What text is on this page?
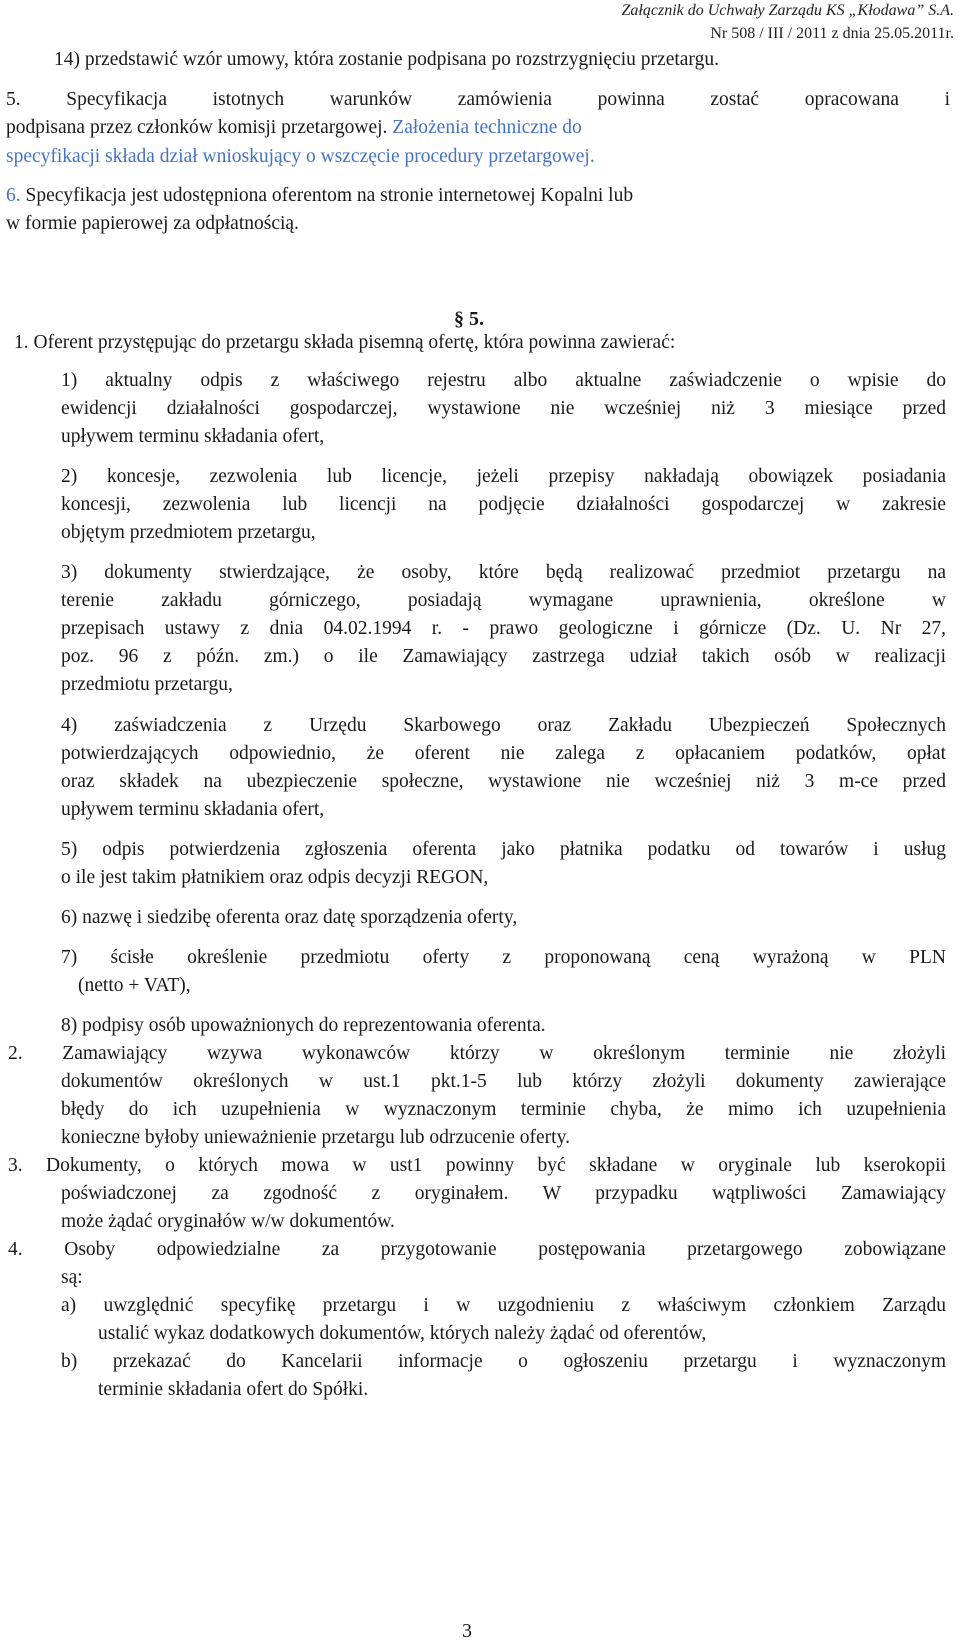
Załącznik do Uchwały Zarządu KS „Kłodawa” S.A.
Nr 508 / III / 2011 z dnia 25.05.2011r.
14) przedstawić wzór umowy, która zostanie podpisana po rozstrzygnięciu przetargu.
5. Specyfikacja istotnych warunków zamówienia powinna zostać opracowana i
podpisana przez członków komisji przetargowej. Założenia techniczne do
specyfikacji składa dział wnioskujący o wszczęcie procedury przetargowej.
6. Specyfikacja jest udostępniona oferentom na stronie internetowej Kopalni lub
w formie papierowej za odpłatnością.
§ 5.
1. Oferent przystępując do przetargu składa pisemną ofertę, która powinna zawierać:
1) aktualny odpis z właściwego rejestru albo aktualne zaświadczenie o wpisie do
ewidencji działalności gospodarczej, wystawione nie wcześniej niż 3 miesiące przed
upływem terminu składania ofert,
2) koncesje, zezwolenia lub licencje, jeżeli przepisy nakładają obowiązek posiadania
koncesji, zezwolenia lub licencji na podjęcie działalności gospodarczej w zakresie
objętym przedmiotem przetargu,
3) dokumenty stwierdzające, że osoby, które będą realizować przedmiot przetargu na
terenie zakładu górniczego, posiadają wymagane uprawnienia, określone w
przepisach ustawy z dnia 04.02.1994 r. - prawo geologiczne i górnicze (Dz. U. Nr 27,
poz. 96 z późn. zm.) o ile Zamawiający zastrzega udział takich osób w realizacji
przedmiotu przetargu,
4) zaświadczenia z Urzędu Skarbowego oraz Zakładu Ubezpieczeń Społecznych
potwierdzających odpowiednio, że oferent nie zalega z opłacaniem podatków, opłat
oraz składek na ubezpieczenie społeczne, wystawione nie wcześniej niż 3 m-ce przed
upływem terminu składania ofert,
5) odpis potwierdzenia zgłoszenia oferenta jako płatnika podatku od towarów i usług
o ile jest takim płatnikiem oraz odpis decyzji REGON,
6) nazwę i siedzibę oferenta oraz datę sporządzenia oferty,
7) ścisłe określenie przedmiotu oferty z proponowaną ceną wyrażoną w PLN
(netto + VAT),
8) podpisy osób upoważnionych do reprezentowania oferenta.
2. Zamawiający wzywa wykonawców którzy w określonym terminie nie złożyli
dokumentów określonych w ust.1 pkt.1-5 lub którzy złożyli dokumenty zawierające
błędy do ich uzupełnienia w wyznaczonym terminie chyba, że mimo ich uzupełnienia
konieczne byłoby unieważnienie przetargu lub odrzucenie oferty.
3. Dokumenty, o których mowa w ust1 powinny być składane w oryginale lub kserokopii
poświadczonej za zgodność z oryginałem. W przypadku wątpliwości Zamawiający
może żądać oryginałów w/w dokumentów.
4. Osoby odpowiedzialne za przygotowanie postępowania przetargowego zobowiązane
są:
a) uwzględnić specyfikę przetargu i w uzgodnieniu z właściwym członkiem Zarządu
ustalić wykaz dodatkowych dokumentów, których należy żądać od oferentów,
b) przekazać do Kancelarii informacje o ogłoszeniu przetargu i wyznaczonym
terminie składania ofert do Spółki.
3
